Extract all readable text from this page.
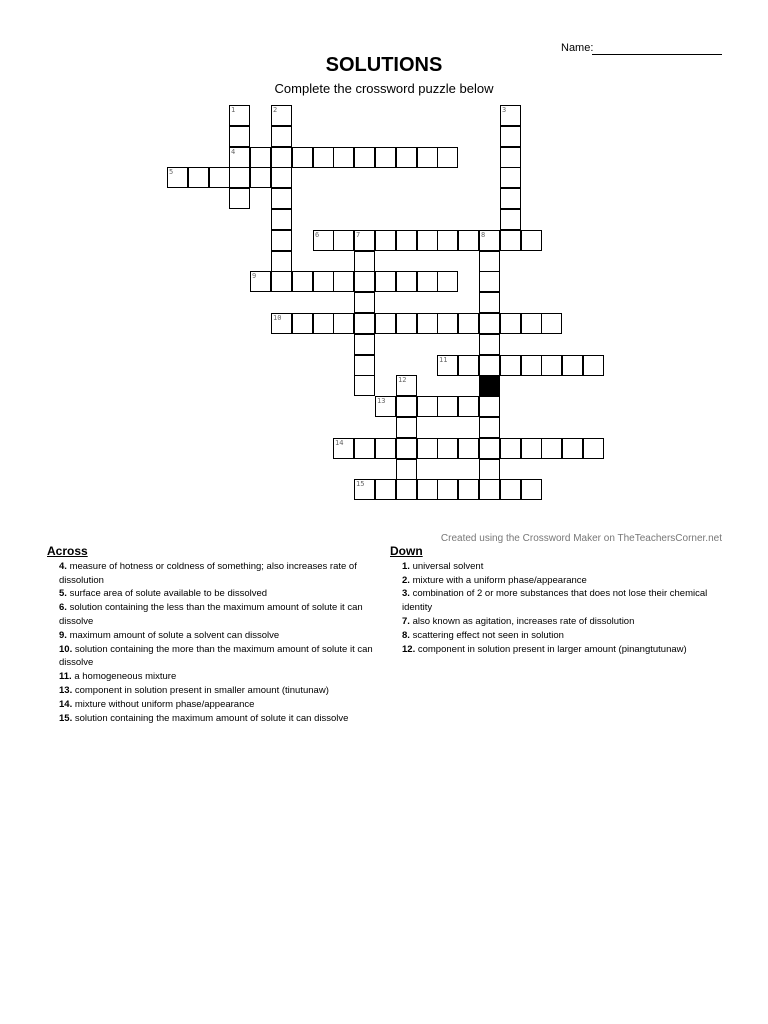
Name:
SOLUTIONS
Complete the crossword puzzle below
1
4
2	3
5
6	7	8
9
10
11
12
13
14
15
Created using the Crossword Maker on TheTeachersCorner.net
Across
4. measure of hotness or coldness of something; also increases rate of dissolution
5. surface area of solute available to be dissolved
6. solution containing the less than the maximum amount of solute it can dissolve
9. maximum amount of solute a solvent can dissolve
10. solution containing the more than the maximum amount of solute it can dissolve
11. a homogeneous mixture
13. component in solution present in smaller amount (tinutunaw)
14. mixture without uniform phase/appearance
15. solution containing the maximum amount of solute it can dissolve
Down
1. universal solvent
2. mixture with a uniform phase/appearance
3. combination of 2 or more substances that does not lose their chemical identity
7. also known as agitation, increases rate of dissolution
8. scattering effect not seen in solution
12. component in solution present in larger amount (pinangtutunaw)
